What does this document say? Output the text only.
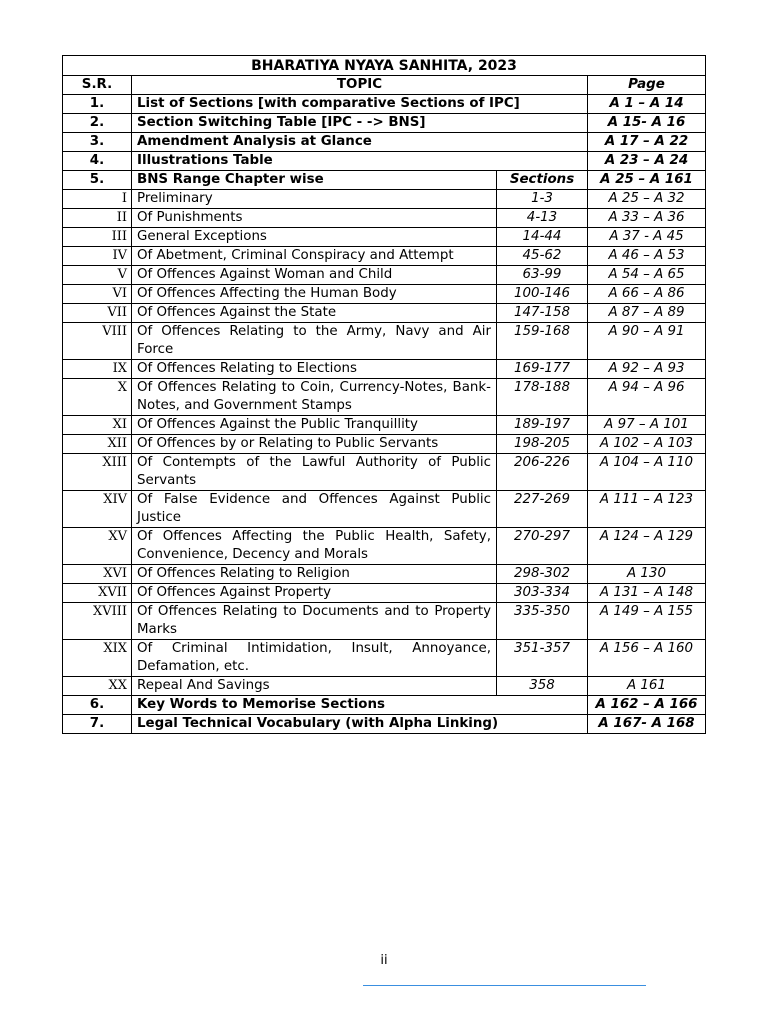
BHARATIYA NYAYA SANHITA, 2023			
S.R.	TOPIC		Page
1.	List of Sections [with comparative Sections of IPC]		A 1 – A 14
2.	Section Switching Table [IPC - -> BNS]		A 15- A 16
3.	Amendment Analysis at Glance		A 17 – A 22
4.	Illustrations Table		A 23 – A 24
5.	BNS Range Chapter wise	Sections	A 25 – A 161
I	Preliminary	1-3	A 25 – A 32
II	Of Punishments	4-13	A 33 – A 36
III	General Exceptions	14-44	A 37 - A 45
IV	Of Abetment, Criminal Conspiracy and Attempt	45-62	A 46 – A 53
V	Of Offences Against Woman and Child	63-99	A 54 – A 65
VI	Of Offences Affecting the Human Body	100-146	A 66 – A 86
VII	Of Offences Against the State	147-158	A 87 – A 89
VIII	Of Offences Relating to the Army, Navy and Air Force	159-168	A 90 – A 91
IX	Of Offences Relating to Elections	169-177	A 92 – A 93
X	Of Offences Relating to Coin, Currency-Notes, Bank-Notes, and Government Stamps	178-188	A 94 – A 96
XI	Of Offences Against the Public Tranquillity	189-197	A 97 – A 101
XII	Of Offences by or Relating to Public Servants	198-205	A 102 – A 103
XIII	Of Contempts of the Lawful Authority of Public Servants	206-226	A 104 – A 110
XIV	Of False Evidence and Offences Against Public Justice	227-269	A 111 – A 123
XV	Of Offences Affecting the Public Health, Safety, Convenience, Decency and Morals	270-297	A 124 – A 129
XVI	Of Offences Relating to Religion	298-302	A 130
XVII	Of Offences Against Property	303-334	A 131 – A 148
XVIII	Of Offences Relating to Documents and to Property Marks	335-350	A 149 – A 155
XIX	Of Criminal Intimidation, Insult, Annoyance, Defamation, etc.	351-357	A 156 – A 160
XX	Repeal And Savings	358	A 161
6.	Key Words to Memorise Sections		A 162 – A 166
7.	Legal Technical Vocabulary (with Alpha Linking)		A 167- A 168
ii
